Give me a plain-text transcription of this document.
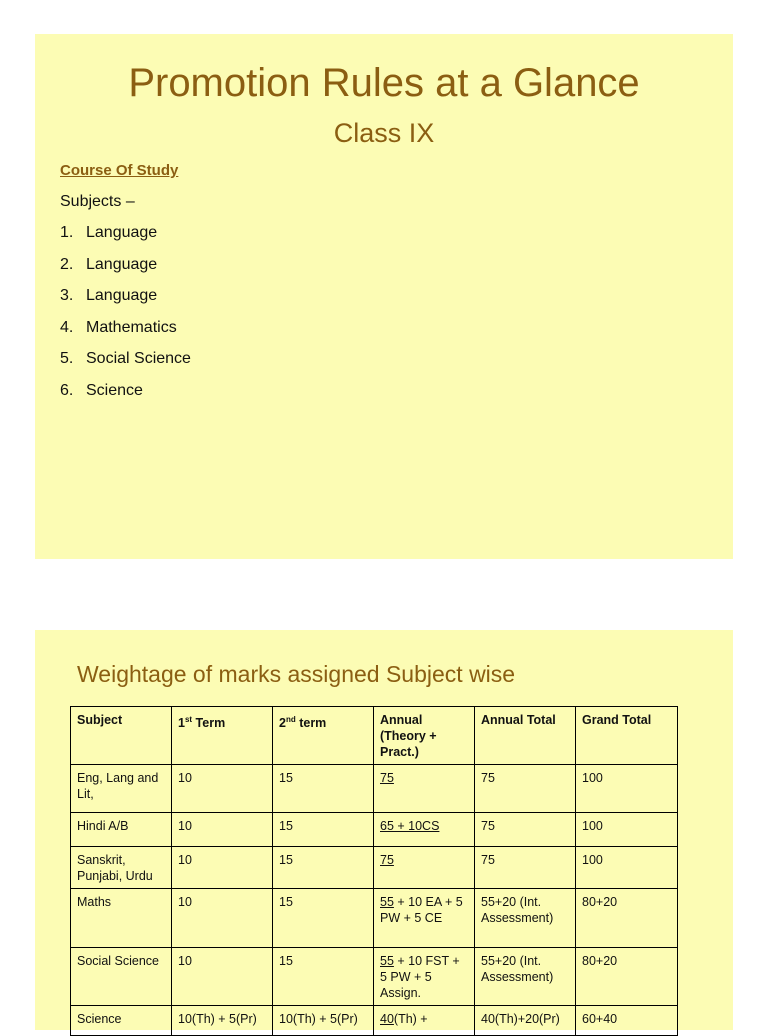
Promotion Rules at a Glance
Class IX
Course Of Study
Subjects –
1. Language
2. Language
3. Language
4. Mathematics
5. Social Science
6. Science
Weightage of marks assigned Subject wise
Subject	1st Term	2nd term	Annual (Theory + Pract.)	Annual Total	Grand Total
Eng, Lang and Lit,	10	15	75	75	100
Hindi A/B	10	15	65 + 10CS	75	100
Sanskrit, Punjabi, Urdu	10	15	75	75	100
Maths	10	15	55 + 10 EA + 5 PW + 5 CE	55+20 (Int. Assessment)	80+20
Social Science	10	15	55 + 10 FST + 5 PW + 5 Assign.	55+20 (Int. Assessment)	80+20
Science	10(Th) + 5(Pr)	10(Th) + 5(Pr)	40(Th) +	40(Th)+20(Pr)	60+40
